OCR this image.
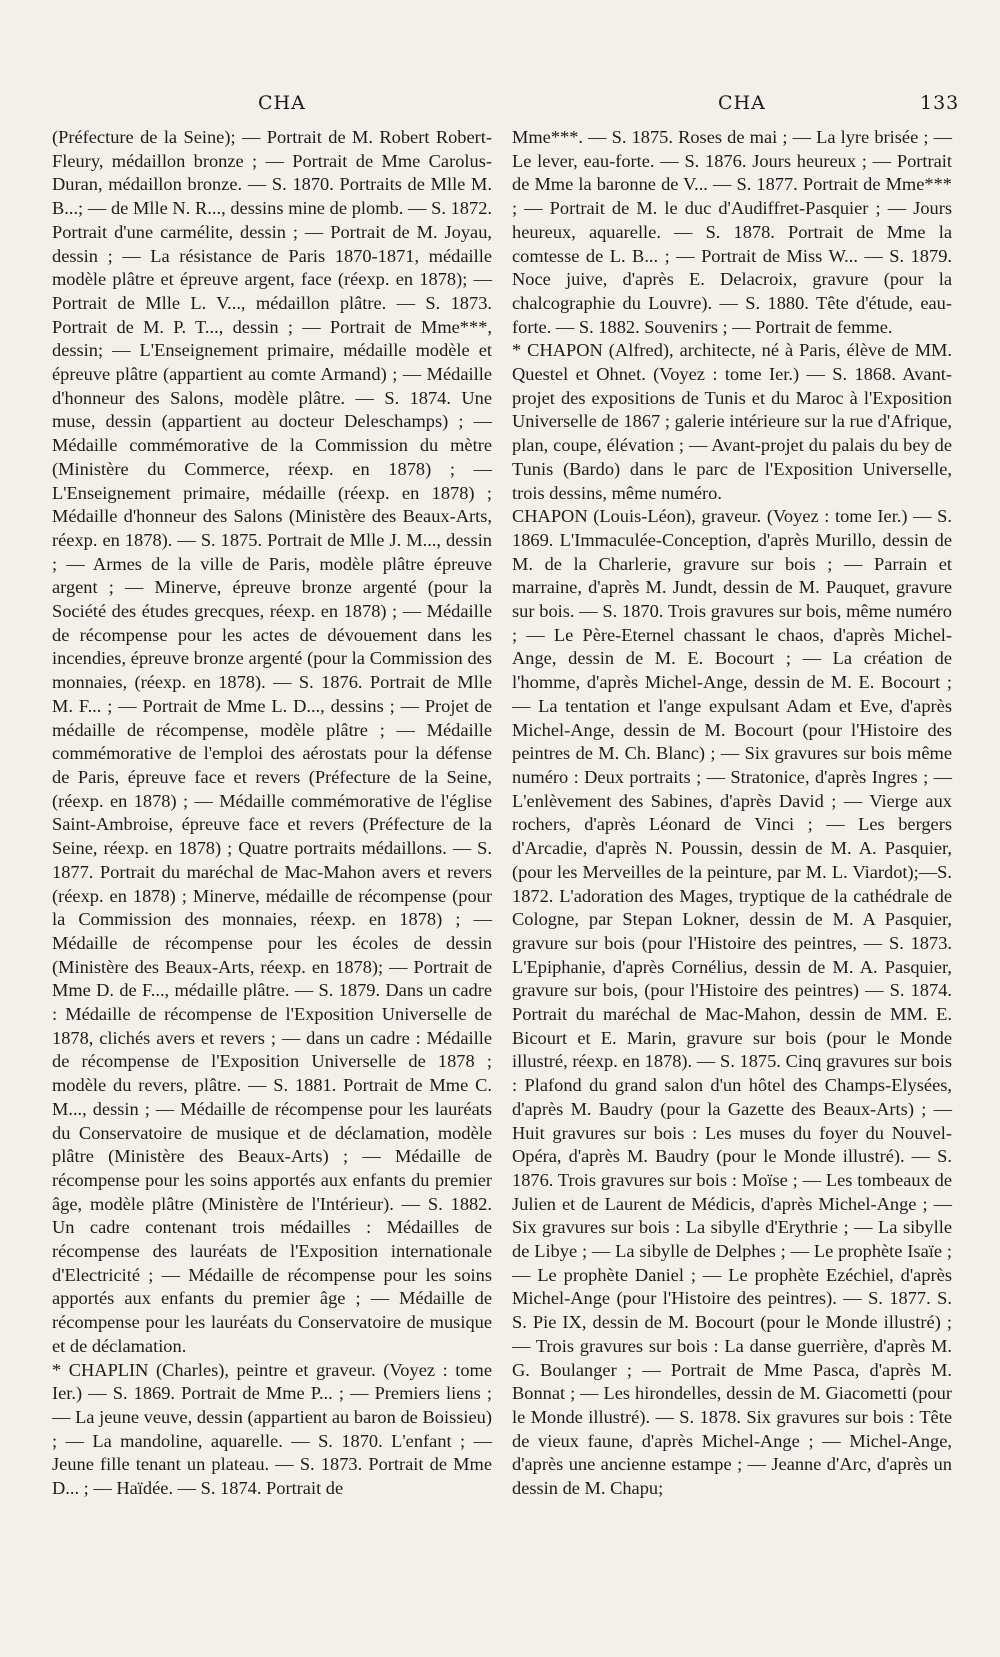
CHA	CHA	133

(Préfecture de la Seine); — Portrait de M. Robert Robert-Fleury, médaillon bronze ; — Portrait de Mme Carolus-Duran, médaillon bronze. — S. 1870. Portraits de Mlle M. B...; — de Mlle N. R..., dessins mine de plomb. — S. 1872. Portrait d'une carmélite, dessin ; — Portrait de M. Joyau, dessin ; — La résistance de Paris 1870-1871, médaille modèle plâtre et épreuve argent, face (réexp. en 1878); — Portrait de Mlle L. V..., médaillon plâtre. — S. 1873. Portrait de M. P. T..., dessin ; — Portrait de Mme***, dessin; — L'Enseignement primaire, médaille modèle et épreuve plâtre (appartient au comte Armand) ; — Médaille d'honneur des Salons, modèle plâtre. — S. 1874. Une muse, dessin (appartient au docteur Deleschamps) ; — Médaille commémorative de la Commission du mètre (Ministère du Commerce, réexp. en 1878) ; — L'Enseignement primaire, médaille (réexp. en 1878) ; Médaille d'honneur des Salons (Ministère des Beaux-Arts, réexp. en 1878). — S. 1875. Portrait de Mlle J. M..., dessin ; — Armes de la ville de Paris, modèle plâtre épreuve argent ; — Minerve, épreuve bronze argenté (pour la Société des études grecques, réexp. en 1878) ; — Médaille de récompense pour les actes de dévouement dans les incendies, épreuve bronze argenté (pour la Commission des monnaies, (réexp. en 1878). — S. 1876. Portrait de Mlle M. F... ; — Portrait de Mme L. D..., dessins ; — Projet de médaille de récompense, modèle plâtre ; — Médaille commémorative de l'emploi des aérostats pour la défense de Paris, épreuve face et revers (Préfecture de la Seine, (réexp. en 1878) ; — Médaille commémorative de l'église Saint-Ambroise, épreuve face et revers (Préfecture de la Seine, réexp. en 1878) ; Quatre portraits médaillons. — S. 1877. Portrait du maréchal de Mac-Mahon avers et revers (réexp. en 1878) ; Minerve, médaille de récompense (pour la Commission des monnaies, réexp. en 1878) ; — Médaille de récompense pour les écoles de dessin (Ministère des Beaux-Arts, réexp. en 1878); — Portrait de Mme D. de F..., médaille plâtre. — S. 1879. Dans un cadre : Médaille de récompense de l'Exposition Universelle de 1878, clichés avers et revers ; — dans un cadre : Médaille de récompense de l'Exposition Universelle de 1878 ; modèle du revers, plâtre. — S. 1881. Portrait de Mme C. M..., dessin ; — Médaille de récompense pour les lauréats du Conservatoire de musique et de déclamation, modèle plâtre (Ministère des Beaux-Arts) ; — Médaille de récompense pour les soins apportés aux enfants du premier âge, modèle plâtre (Ministère de l'Intérieur). — S. 1882. Un cadre contenant trois médailles : Médailles de récompense des lauréats de l'Exposition internationale d'Electricité ; — Médaille de récompense pour les soins apportés aux enfants du premier âge ; — Médaille de récompense pour les lauréats du Conservatoire de musique et de déclamation.

* CHAPLIN (Charles), peintre et graveur. (Voyez : tome Ier.) — S. 1869. Portrait de Mme P... ; — Premiers liens ; — La jeune veuve, dessin (appartient au baron de Boissieu) ; — La mandoline, aquarelle. — S. 1870. L'enfant ; — Jeune fille tenant un plateau. — S. 1873. Portrait de Mme D... ; — Haïdée. — S. 1874. Portrait de

Mme***. — S. 1875. Roses de mai ; — La lyre brisée ; — Le lever, eau-forte. — S. 1876. Jours heureux ; — Portrait de Mme la baronne de V... — S. 1877. Portrait de Mme*** ; — Portrait de M. le duc d'Audiffret-Pasquier ; — Jours heureux, aquarelle. — S. 1878. Portrait de Mme la comtesse de L. B... ; — Portrait de Miss W... — S. 1879. Noce juive, d'après E. Delacroix, gravure (pour la chalcographie du Louvre). — S. 1880. Tête d'étude, eau-forte. — S. 1882. Souvenirs ; — Portrait de femme.

* CHAPON (Alfred), architecte, né à Paris, élève de MM. Questel et Ohnet. (Voyez : tome Ier.) — S. 1868. Avant-projet des expositions de Tunis et du Maroc à l'Exposition Universelle de 1867 ; galerie intérieure sur la rue d'Afrique, plan, coupe, élévation ; — Avant-projet du palais du bey de Tunis (Bardo) dans le parc de l'Exposition Universelle, trois dessins, même numéro.

CHAPON (Louis-Léon), graveur. (Voyez : tome Ier.) — S. 1869. L'Immaculée-Conception, d'après Murillo, dessin de M. de la Charlerie, gravure sur bois ; — Parrain et marraine, d'après M. Jundt, dessin de M. Pauquet, gravure sur bois. — S. 1870. Trois gravures sur bois, même numéro ; — Le Père-Eternel chassant le chaos, d'après Michel-Ange, dessin de M. E. Bocourt ; — La création de l'homme, d'après Michel-Ange, dessin de M. E. Bocourt ; — La tentation et l'ange expulsant Adam et Eve, d'après Michel-Ange, dessin de M. Bocourt (pour l'Histoire des peintres de M. Ch. Blanc) ; — Six gravures sur bois même numéro : Deux portraits ; — Stratonice, d'après Ingres ; — L'enlèvement des Sabines, d'après David ; — Vierge aux rochers, d'après Léonard de Vinci ; — Les bergers d'Arcadie, d'après N. Poussin, dessin de M. A. Pasquier, (pour les Merveilles de la peinture, par M. L. Viardot);—S. 1872. L'adoration des Mages, tryptique de la cathédrale de Cologne, par Stepan Lokner, dessin de M. A Pasquier, gravure sur bois (pour l'Histoire des peintres, — S. 1873. L'Epiphanie, d'après Cornélius, dessin de M. A. Pasquier, gravure sur bois, (pour l'Histoire des peintres) — S. 1874. Portrait du maréchal de Mac-Mahon, dessin de MM. E. Bicourt et E. Marin, gravure sur bois (pour le Monde illustré, réexp. en 1878). — S. 1875. Cinq gravures sur bois : Plafond du grand salon d'un hôtel des Champs-Elysées, d'après M. Baudry (pour la Gazette des Beaux-Arts) ; — Huit gravures sur bois : Les muses du foyer du Nouvel-Opéra, d'après M. Baudry (pour le Monde illustré). — S. 1876. Trois gravures sur bois : Moïse ; — Les tombeaux de Julien et de Laurent de Médicis, d'après Michel-Ange ; — Six gravures sur bois : La sibylle d'Erythrie ; — La sibylle de Libye ; — La sibylle de Delphes ; — Le prophète Isaïe ; — Le prophète Daniel ; — Le prophète Ezéchiel, d'après Michel-Ange (pour l'Histoire des peintres). — S. 1877. S. S. Pie IX, dessin de M. Bocourt (pour le Monde illustré) ; — Trois gravures sur bois : La danse guerrière, d'après M. G. Boulanger ; — Portrait de Mme Pasca, d'après M. Bonnat ; — Les hirondelles, dessin de M. Giacometti (pour le Monde illustré). — S. 1878. Six gravures sur bois : Tête de vieux faune, d'après Michel-Ange ; — Michel-Ange, d'après une ancienne estampe ; — Jeanne d'Arc, d'après un dessin de M. Chapu;
